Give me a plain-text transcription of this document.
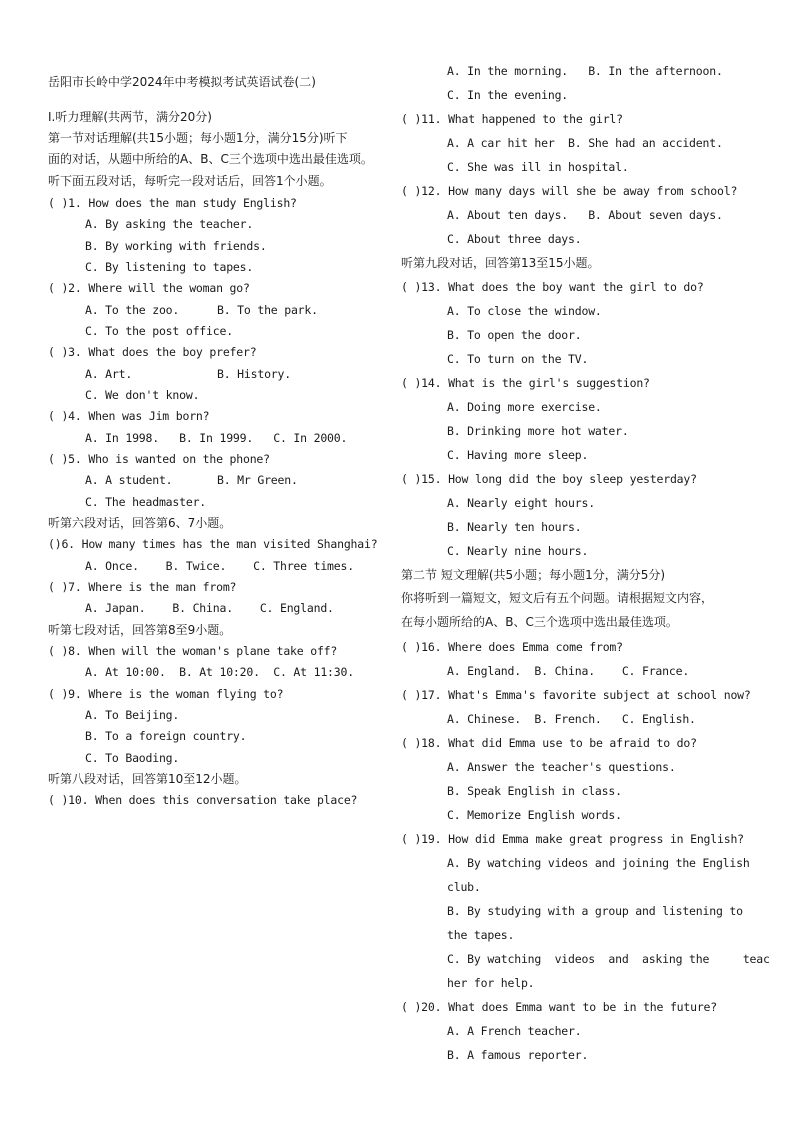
岳阳市长岭中学2024年中考模拟考试英语试卷(二)
Ⅰ.听力理解(共两节，满分20分)
第一节对话理解(共15小题；每小题1分，满分15分)听下
面的对话，从题中所给的A、B、C三个选项中选出最佳选项。
听下面五段对话，每听完一段对话后，回答1个小题。
( )1. How does the man study English?
A. By asking the teacher.
B. By working with friends.
C. By listening to tapes.
( )2. Where will the woman go?
A. To the zoo.	B. To the park.
C. To the post office.
( )3. What does the boy prefer?
A. Art.	B. History.
C. We don't know.
( )4. When was Jim born?
A. In 1998.   B. In 1999.   C. In 2000.
( )5. Who is wanted on the phone?
A. A student.	B. Mr Green.
C. The headmaster.
听第六段对话，回答第6、7小题。
()6. How many times has the man visited Shanghai?
A. Once.    B. Twice.    C. Three times.
( )7. Where is the man from?
A. Japan.    B. China.    C. England.
听第七段对话，回答第8至9小题。
( )8. When will the woman's plane take off?
A. At 10:00.  B. At 10:20.  C. At 11:30.
( )9. Where is the woman flying to?
A. To Beijing.
B. To a foreign country.
C. To Baoding.
听第八段对话，回答第10至12小题。
( )10. When does this conversation take place?
A. In the morning.   B. In the afternoon.
C. In the evening.
( )11. What happened to the girl?
A. A car hit her  B. She had an accident.
C. She was ill in hospital.
( )12. How many days will she be away from school?
A. About ten days.   B. About seven days.
C. About three days.
听第九段对话，回答第13至15小题。
( )13. What does the boy want the girl to do?
A. To close the window.
B. To open the door.
C. To turn on the TV.
( )14. What is the girl's suggestion?
A. Doing more exercise.
B. Drinking more hot water.
C. Having more sleep.
( )15. How long did the boy sleep yesterday?
A. Nearly eight hours.
B. Nearly ten hours.
C. Nearly nine hours.
第二节 短文理解(共5小题；每小题1分，满分5分)
你将听到一篇短文，短文后有五个问题。请根据短文内容，
在每小题所给的A、B、C三个选项中选出最佳选项。
( )16. Where does Emma come from?
A. England.  B. China.    C. France.
( )17. What's Emma's favorite subject at school now?
A. Chinese.  B. French.   C. English.
( )18. What did Emma use to be afraid to do?
A. Answer the teacher's questions.
B. Speak English in class.
C. Memorize English words.
( )19. How did Emma make great progress in English?
A. By watching videos and joining the English
club.
B. By studying with a group and listening to
the tapes.
C. By watching  videos  and  asking the     teac
her for help.
( )20. What does Emma want to be in the future?
A. A French teacher.
B. A famous reporter.
